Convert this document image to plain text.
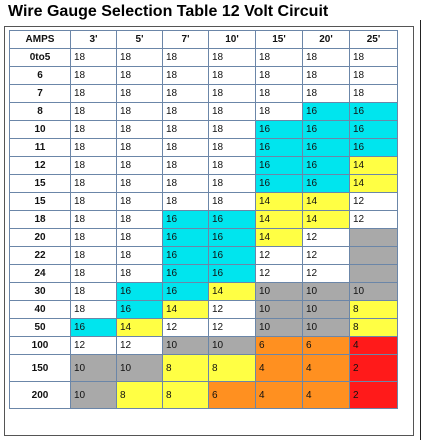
Wire Gauge Selection Table 12 Volt Circuit
AMPS	3'	5'	7'	10'	15'	20'	25'
0to5	18	18	18	18	18	18	18
6	18	18	18	18	18	18	18
7	18	18	18	18	18	18	18
8	18	18	18	18	18	16	16
10	18	18	18	18	16	16	16
11	18	18	18	18	16	16	16
12	18	18	18	18	16	16	14
15	18	18	18	18	16	16	14
15	18	18	18	18	14	14	12
18	18	18	16	16	14	14	12
20	18	18	16	16	14	12	
22	18	18	16	16	12	12	
24	18	18	16	16	12	12	
30	18	16	16	14	10	10	10
40	18	16	14	12	10	10	8
50	16	14	12	12	10	10	8
100	12	12	10	10	6	6	4
150	10	10	8	8	4	4	2
200	10	8	8	6	4	4	2
